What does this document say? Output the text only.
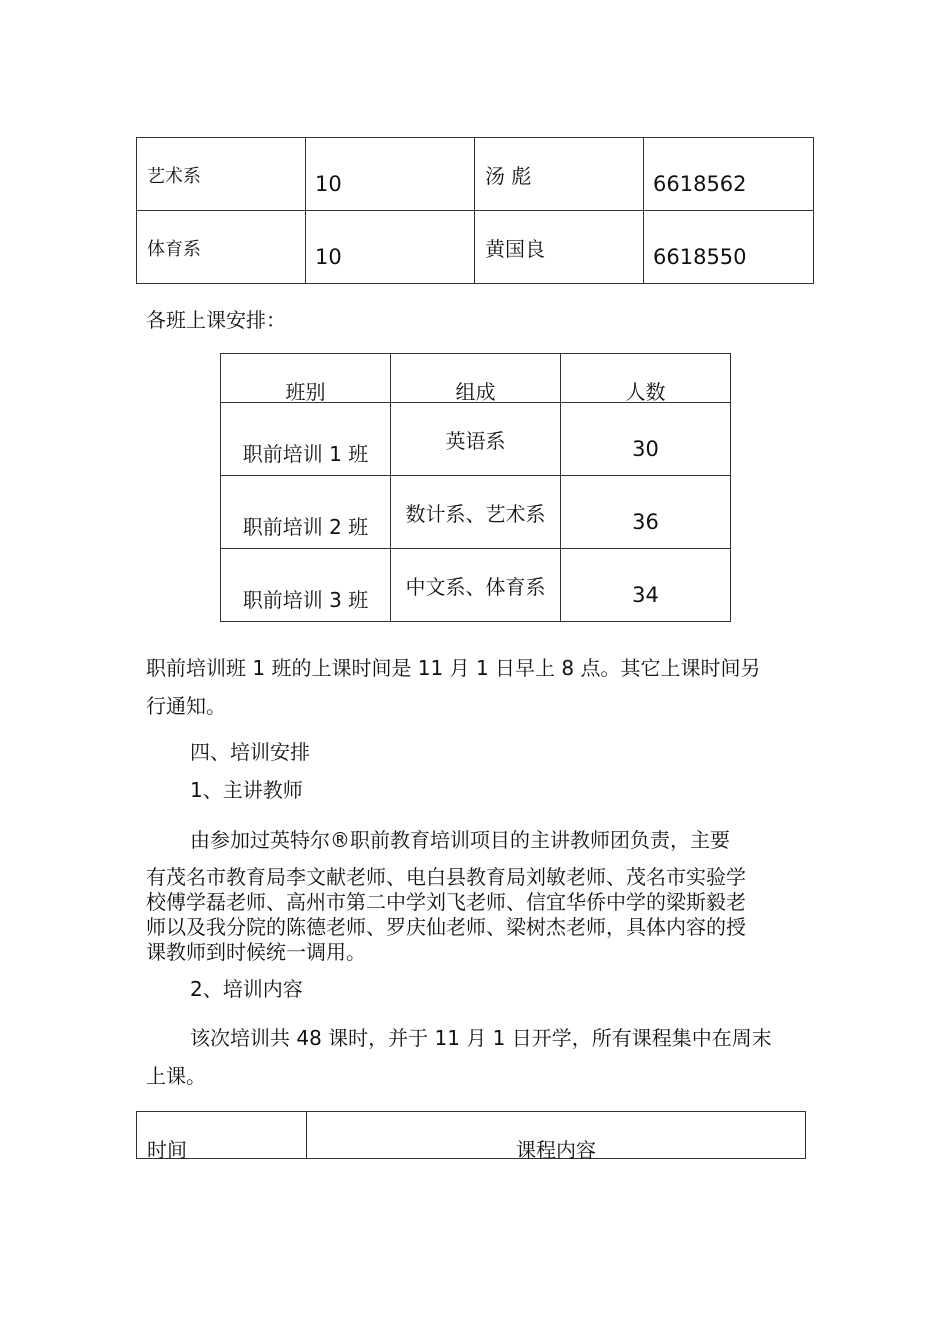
艺术系	10	汤 彪	6618562

体育系	10	黄国良	6618550
各班上课安排：
班别	组成	人数

职前培训 1 班	英语系	30

职前培训 2 班	数计系、艺术系	36

职前培训 3 班	中文系、体育系	34
职前培训班 1 班的上课时间是 11 月 1 日早上 8 点。其它上课时间另
行通知。
四、培训安排
1、主讲教师
由参加过英特尔®职前教育培训项目的主讲教师团负责，主要
有茂名市教育局李文献老师、电白县教育局刘敏老师、茂名市实验学
校傅学磊老师、高州市第二中学刘飞老师、信宜华侨中学的梁斯毅老
师以及我分院的陈德老师、罗庆仙老师、梁树杰老师，具体内容的授
课教师到时候统一调用。
2、培训内容
该次培训共 48 课时，并于 11 月 1 日开学，所有课程集中在周末
上课。
时间	课程内容
